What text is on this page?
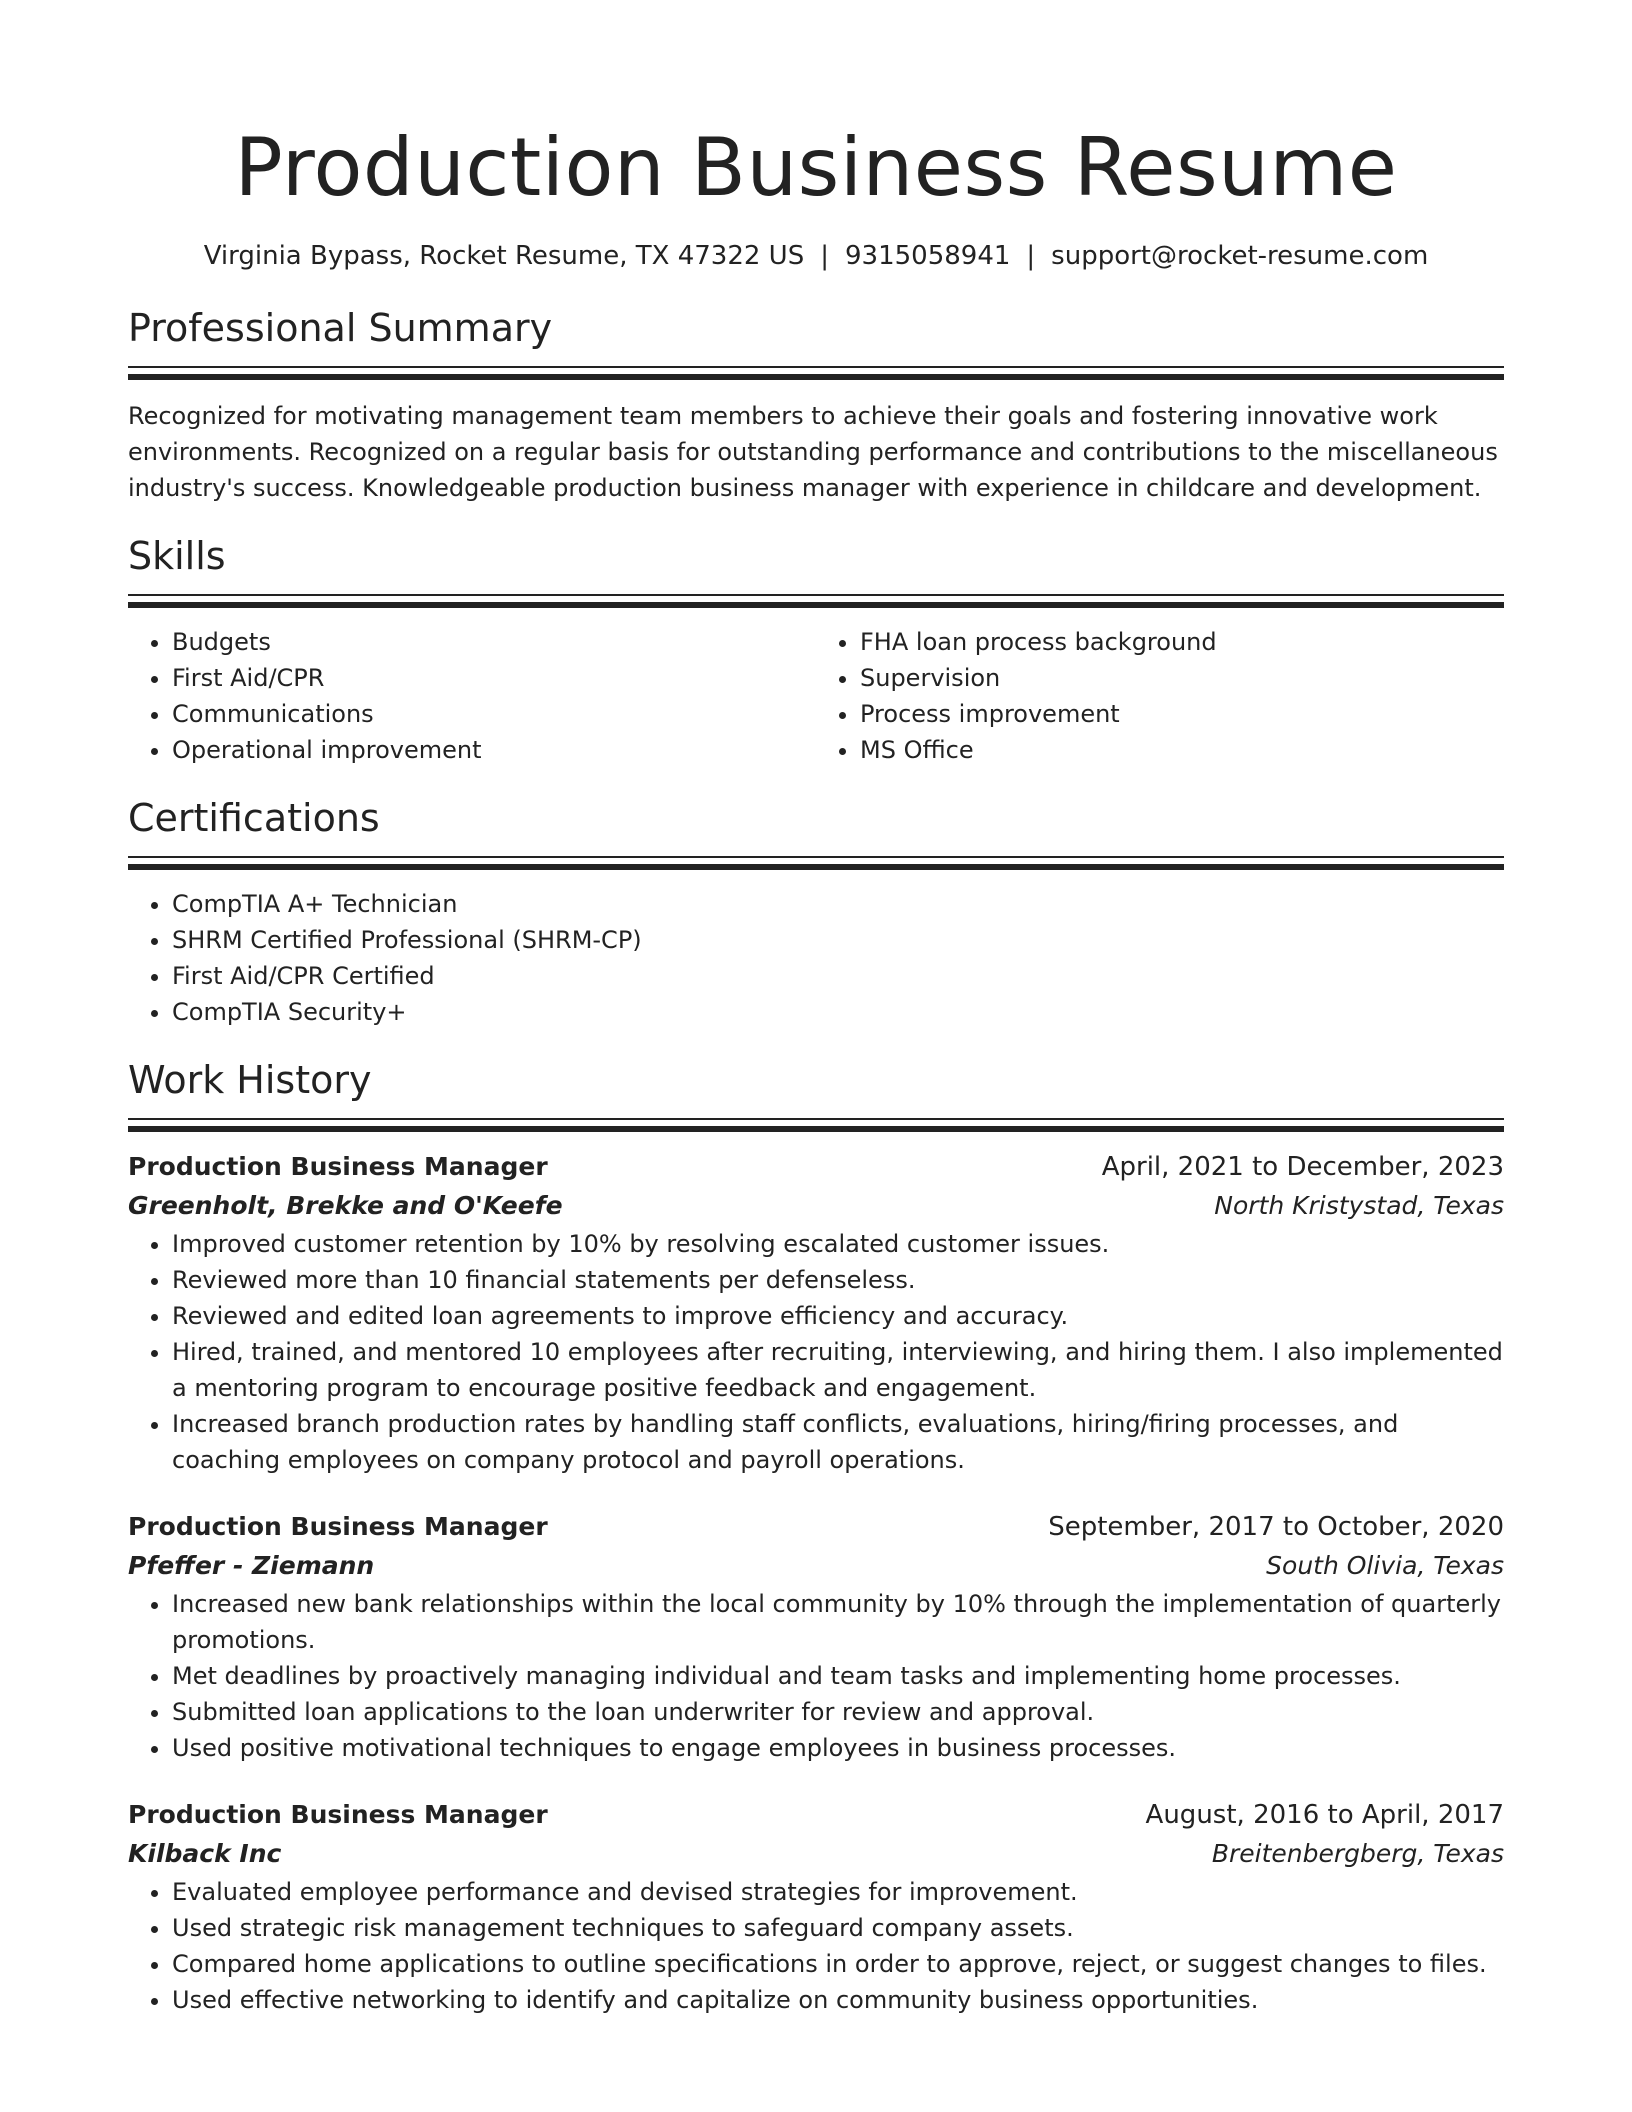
Production Business Resume
Virginia Bypass, Rocket Resume, TX 47322 US | 9315058941 | support@rocket-resume.com
Professional Summary

Recognized for motivating management team members to achieve their goals and fostering innovative work environments. Recognized on a regular basis for outstanding performance and contributions to the miscellaneous industry's success. Knowledgeable production business manager with experience in childcare and development.

Skills
• Budgets
• First Aid/CPR
• Communications
• Operational improvement
• FHA loan process background
• Supervision
• Process improvement
• MS Office
Certifications
• CompTIA A+ Technician
• SHRM Certified Professional (SHRM-CP)
• First Aid/CPR Certified
• CompTIA Security+
Work History
Production Business Manager	April, 2021 to December, 2023
Greenholt, Brekke and O'Keefe	North Kristystad, Texas
• Improved customer retention by 10% by resolving escalated customer issues.
• Reviewed more than 10 financial statements per defenseless.
• Reviewed and edited loan agreements to improve efficiency and accuracy.
• Hired, trained, and mentored 10 employees after recruiting, interviewing, and hiring them. I also implemented a mentoring program to encourage positive feedback and engagement.
• Increased branch production rates by handling staff conflicts, evaluations, hiring/firing processes, and coaching employees on company protocol and payroll operations.
Production Business Manager	September, 2017 to October, 2020
Pfeffer - Ziemann	South Olivia, Texas
• Increased new bank relationships within the local community by 10% through the implementation of quarterly promotions.
• Met deadlines by proactively managing individual and team tasks and implementing home processes.
• Submitted loan applications to the loan underwriter for review and approval.
• Used positive motivational techniques to engage employees in business processes.
Production Business Manager	August, 2016 to April, 2017
Kilback Inc	Breitenbergberg, Texas
• Evaluated employee performance and devised strategies for improvement.
• Used strategic risk management techniques to safeguard company assets.
• Compared home applications to outline specifications in order to approve, reject, or suggest changes to files.
• Used effective networking to identify and capitalize on community business opportunities.
